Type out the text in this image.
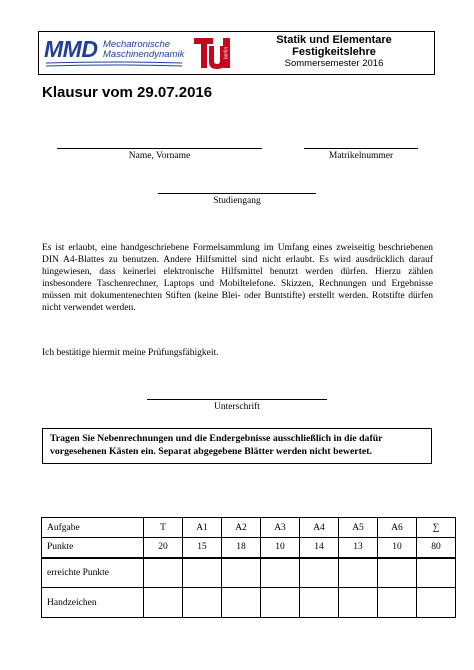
MMD Mechatronische
Maschinendynamik	berlin
Statik und Elementare
Festigkeitslehre
Sommersemester 2016
Klausur vom 29.07.2016
Name, Vorname	Matrikelnummer
Studiengang
Es ist erlaubt, eine handgeschriebene Formelsammlung im Umfang eines zweiseitig beschriebenen DIN A4-Blattes zu benutzen. Andere Hilfsmittel sind nicht erlaubt. Es wird ausdrücklich darauf hingewiesen, dass keinerlei elektronische Hilfsmittel benutzt werden dürfen. Hierzu zählen insbesondere Taschenrechner, Laptops und Mobiltelefone. Skizzen, Rechnungen und Ergebnisse müssen mit dokumentenechten Stiften (keine Blei- oder Buntstifte) erstellt werden. Rotstifte dürfen nicht verwendet werden.
Ich bestätige hiermit meine Prüfungsfähigkeit.
Unterschrift
Tragen Sie Nebenrechnungen und die Endergebnisse ausschließlich in die dafür vorgesehenen Kästen ein. Separat abgegebene Blätter werden nicht bewertet.
Aufgabe	T	A1	A2	A3	A4	A5	A6	∑
Punkte	20	15	18	10	14	13	10	80
erreichte Punkte								
Handzeichen								
